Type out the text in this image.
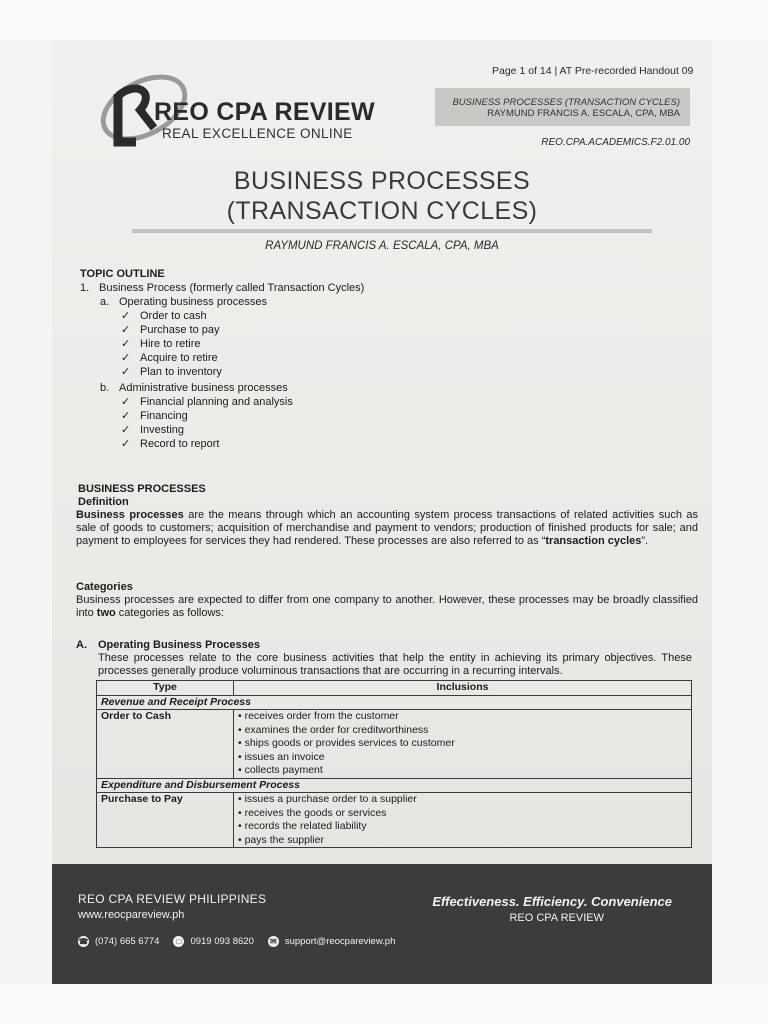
REO CPA REVIEW
REAL EXCELLENCE ONLINE
Page 1 of 14 | AT Pre-recorded Handout 09
BUSINESS PROCESSES (TRANSACTION CYCLES)
RAYMUND FRANCIS A. ESCALA, CPA, MBA
REO.CPA.ACADEMICS.F2.01.00
BUSINESS PROCESSES
(TRANSACTION CYCLES)
RAYMUND FRANCIS A. ESCALA, CPA, MBA
TOPIC OUTLINE
1. Business Process (formerly called Transaction Cycles)
a. Operating business processes
✓ Order to cash
✓ Purchase to pay
✓ Hire to retire
✓ Acquire to retire
✓ Plan to inventory
b. Administrative business processes
✓ Financial planning and analysis
✓ Financing
✓ Investing
✓ Record to report
BUSINESS PROCESSES
Definition
Business processes are the means through which an accounting system process transactions of related activities such as sale of goods to customers; acquisition of merchandise and payment to vendors; production of finished products for sale; and payment to employees for services they had rendered. These processes are also referred to as “transaction cycles”.
Categories
Business processes are expected to differ from one company to another. However, these processes may be broadly classified into two categories as follows:
A. Operating Business Processes
These processes relate to the core business activities that help the entity in achieving its primary objectives. These processes generally produce voluminous transactions that are occurring in a recurring intervals.
Type	Inclusions
Revenue and Receipt Process	
Order to Cash	• receives order from the customer
• examines the order for creditworthiness
• ships goods or provides services to customer
• issues an invoice
• collects payment

Expenditure and Disbursement Process	
Purchase to Pay	• issues a purchase order to a supplier
• receives the goods or services
• records the related liability
• pays the supplier
REO CPA REVIEW PHILIPPINES
www.reocpareview.ph
Effectiveness. Efficiency. Convenience
REO CPA REVIEW
☎ (074) 665 6774	□ 0919 093 8620 ✉ support@reocpareview.ph
